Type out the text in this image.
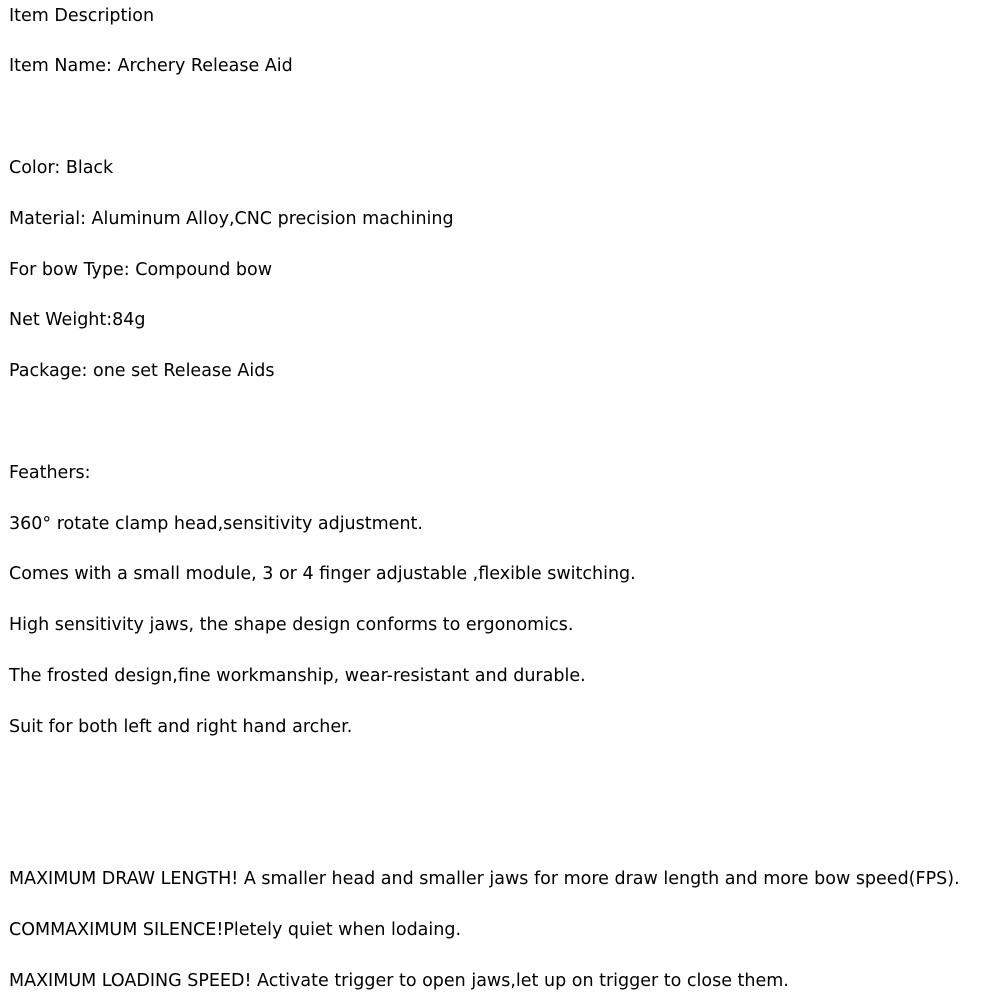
Item Description

Item Name: Archery Release Aid

Color: Black

Material: Aluminum Alloy,CNC precision machining

For bow Type: Compound bow

Net Weight:84g

Package: one set Release Aids

Feathers:

360° rotate clamp head,sensitivity adjustment.

Comes with a small module, 3 or 4 finger adjustable ,flexible switching.

High sensitivity jaws, the shape design conforms to ergonomics.

The frosted design,fine workmanship, wear-resistant and durable.

Suit for both left and right hand archer.

MAXIMUM DRAW LENGTH! A smaller head and smaller jaws for more draw length and more bow speed(FPS).

COMMAXIMUM SILENCE!Pletely quiet when lodaing.

MAXIMUM LOADING SPEED! Activate trigger to open jaws,let up on trigger to close them.
